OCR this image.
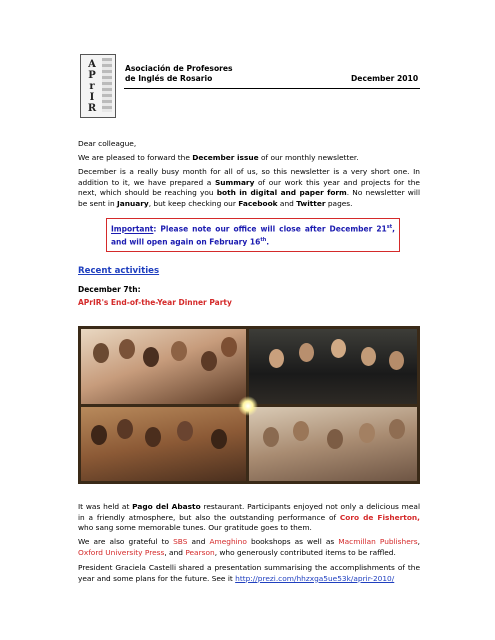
A
P
r
I
R
Asociación de Profesores
de Inglés de Rosario	December 2010
Dear colleague,
We are pleased to forward the December issue of our monthly newsletter.
December is a really busy month for all of us, so this newsletter is a very short one. In addition to it, we have prepared a Summary of our work this year and projects for the next, which should be reaching you both in digital and paper form. No newsletter will be sent in January, but keep checking our Facebook and Twitter pages.
Important: Please note our office will close after December 21st, and will open again on February 16th.
Recent activities
December 7th:
APrIR's End-of-the-Year Dinner Party
It was held at Pago del Abasto restaurant. Participants enjoyed not only a delicious meal in a friendly atmosphere, but also the outstanding performance of Coro de Fisherton, who sang some memorable tunes. Our gratitude goes to them.
We are also grateful to SBS and Ameghino bookshops as well as Macmillan Publishers, Oxford University Press, and Pearson, who generously contributed items to be raffled.
President Graciela Castelli shared a presentation summarising the accomplishments of the year and some plans for the future. See it http://prezi.com/hhzxga5ue53k/aprir-2010/
